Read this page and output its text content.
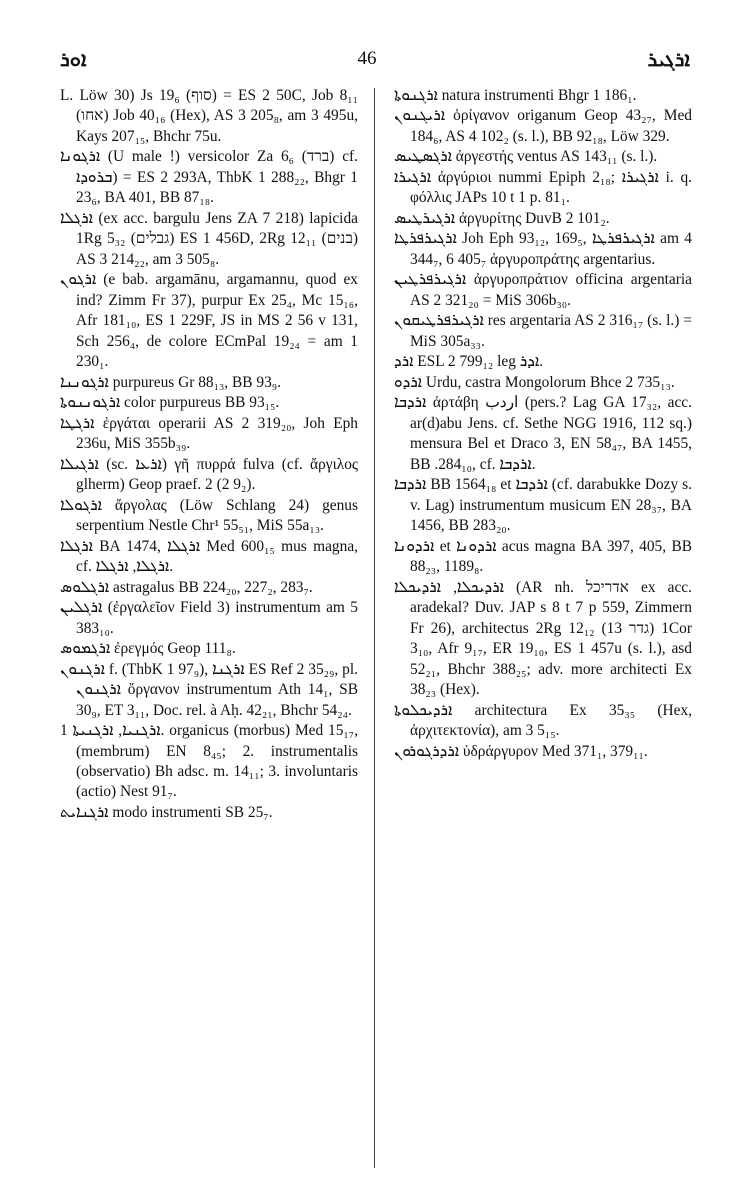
ܐܘܪ	46	ܐܪܓܝܪ

L. Löw 30) Js 19₆ (סוף) = ES 2 50C, Job 8₁₁ (אחו) Job 40₁₆ (Hex), AS 3 205₈, am 3 495u, Kays 207₁₅, Bhchr 75u.

ܐܪܓܘܢܐ (U male !) versicolor Za 6₆ (ברד) cf. ܒܪܘܕܐ) = ES 2 293A, ThbK 1 288₂₂, Bhgr 1 23₆, BA 401, BB 87₁₈.

ܐܪܓܠܐ (ex acc. bargulu Jens ZA 7 218) lapicida 1Rg 5₃₂ (גבלים) ES 1 456D, 2Rg 12₁₁ (בנים) AS 3 214₂₂, am 3 505₈.

ܐܪܓܘܢ (e bab. argamānu, argamannu, quod ex ind? Zimm Fr 37), purpur Ex 25₄, Mc 15₁₆, Afr 181₁₀, ES 1 229F, JS in MS 2 56 v 131, Sch 256₄, de colore ECmPal 19₂₄ = am 1 230₁.

ܐܪܓܘܢܢܐ purpureus Gr 88₁₃, BB 93₉.

ܐܪܓܘܢܢܘܬܐ color purpureus BB 93₁₅.

ܐܪܓܛܐ ἐργάται operarii AS 2 319₂₀, Joh Eph 236u, MiS 355b₃₉.

ܐܪܓܝܠܐ (sc. ܐܪܥܐ) γῆ πυρρά fulva (cf. ἄργιλος glherm) Geop praef. 2 (2 9₂).

ܐܪܓܘܠܐ ἄργολας (Löw Schlang 24) genus serpentium Nestle Chr¹ 55₅₁, MiS 55a₁₃.

ܐܪܓܠܐ BA 1474, ܐܪܓܠܐ Med 600₁₅ mus magna, cf. ܐܪܓܠܐ, ܐܪܓܠܐ.

ܐܪܓܠܘܣ astragalus BB 224₂₀, 227₂, 283₇.

ܐܪܓܠܝܢ (ἐργαλεῖον Field 3) instrumentum am 5 383₁₀.

ܐܪܓܡܘܣ ἐρεγμός Geop 111₈.

ܐܪܓܢܘܢ f. (ThbK 1 97₉), ܐܪܓܢܐ ES Ref 2 35₂₉, pl. ܐܪܓܢܘܢ ὄργανον instrumentum Ath 14₁, SB 30₉, ET 3₁₁, Doc. rel. à Aḥ. 42₂₁, Bhchr 54₂₄.

ܐܪܓܢܝܐ, ܐܪܓܢܝܬܐ 1. organicus (morbus) Med 15₁₇, (membrum) EN 8₄₅; 2. instrumentalis (observatio) Bh adsc. m. 14₁₁; 3. involuntaris (actio) Nest 91₇.

ܐܪܓܢܐܝܬ modo instrumenti SB 25₇.

ܐܪܓܢܘܬܐ natura instrumenti Bhgr 1 186₁.

ܐܪܝܓܢܘܢ ὀρίγανον origanum Geop 43₂₇, Med 184₆, AS 4 102₂ (s. l.), BB 92₁₈, Löw 329.

ܐܪܓܣܛܝܣ ἀργεστής ventus AS 143₁₁ (s. l.).

ܐܪܓܝܪܐ ἀργύριοι nummi Epiph 2₁₈; ܐܪܓܝܪܐ i. q. φόλλις JAPs 10 t 1 p. 81₁.

ܐܪܓܝܪܛܝܣ ἀργυρίτης DuvB 2 101₂.

ܐܪܓܝܪܦܪܛܐ Joh Eph 93₁₂, 169₅, ܐܪܓܝܪܦܪܛܐ am 4 344₇, 6 405₇ ἀργυροπράτης argentarius.

ܐܪܓܝܪܦܪܛܝܢ ἀργυροπράτιον officina argentaria AS 2 321₂₀ = MiS 306b₃₀.

ܐܪܓܝܪܦܪܛܝܩܘܢ res argentaria AS 2 316₁₇ (s. l.) = MiS 305a₃₃.

ܐܪܕ ESL 2 799₁₂ leg ܐܕܪ.

ܐܪܕܘ Urdu, castra Mongolorum Bhce 2 735₁₃.

ܐܪܕܒܐ ἀρτάβη اردب (pers.? Lag GA 17₃₂, acc. ar(d)abu Jens. cf. Sethe NGG 1916, 112 sq.) mensura Bel et Draco 3, EN 58₄₇, BA 1455, BB .284₁₀, cf. ܐܪܕܒܐ.

ܐܪܕܒܐ BB 1564₁₈ et ܐܪܕܒܐ (cf. darabukke Dozy s. v. Lag) instrumentum musicum EN 28₃₇, BA 1456, BB 283₂₀.

ܐܪܕܘܢܐ et ܐܪܕܘܢܐ acus magna BA 397, 405, BB 88₂₃, 1189₈.

ܐܪܕܝܟܠܐ, ܐܪܕܝܟܠܐ (AR nh. אדריכל ex acc. aradekal? Duv. JAP s 8 t 7 p 559, Zimmern Fr 26), architectus 2Rg 12₁₂ (13 גדר) 1Cor 3₁₀, Afr 9₁₇, ER 19₁₀, ES 1 457u (s. l.), asd 52₂₁, Bhchr 388₂₅; adv. more architecti Ex 38₂₃ (Hex).

ܐܪܕܝܟܠܘܬܐ architectura Ex 35₃₅ (Hex, ἀρχιτεκτονία), am 3 5₁₅.

ܐܪܕܪܓܘܪܘܢ ὑδράργυρον Med 371₁, 379₁₁.
